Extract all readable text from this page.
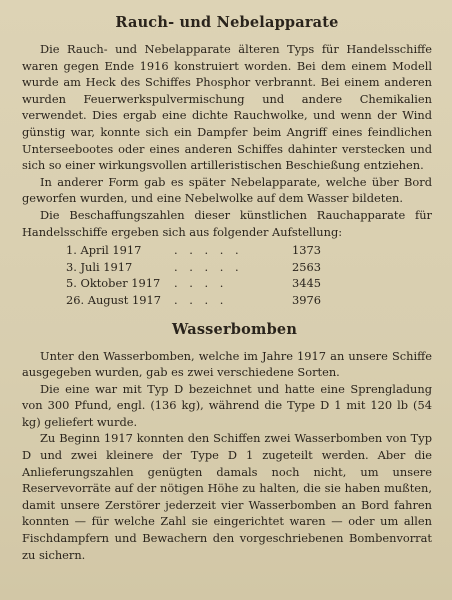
Rauch- und Nebelapparate

Die Rauch- und Nebelapparate älteren Typs für Handelsschiffe waren gegen Ende 1916 konstruiert worden. Bei dem einem Modell wurde am Heck des Schiffes Phosphor verbrannt. Bei einem anderen wurden Feuerwerkspulvermischung und andere Chemikalien verwendet. Dies ergab eine dichte Rauchwolke, und wenn der Wind günstig war, konnte sich ein Dampfer beim Angriff eines feindlichen Unterseebootes oder eines anderen Schiffes dahinter verstecken und sich so einer wirkungsvollen artilleristischen Beschießung entziehen.

In anderer Form gab es später Nebelapparate, welche über Bord geworfen wurden, und eine Nebelwolke auf dem Wasser bildeten.

Die Beschaffungszahlen dieser künstlichen Rauchapparate für Handelsschiffe ergeben sich aus folgender Aufstellung:

1. April 1917	. . . . .	1373
3. Juli 1917	. . . . .	2563
5. Oktober 1917	. . . .	3445
26. August 1917	. . . .	3976
Wasserbomben

Unter den Wasserbomben, welche im Jahre 1917 an unsere Schiffe ausgegeben wurden, gab es zwei verschiedene Sorten.

Die eine war mit Typ D bezeichnet und hatte eine Sprengladung von 300 Pfund, engl. (136 kg), während die Type D 1 mit 120 lb (54 kg) geliefert wurde.

Zu Beginn 1917 konnten den Schiffen zwei Wasserbomben von Typ D und zwei kleinere der Type D 1 zugeteilt werden. Aber die Anlieferungszahlen genügten damals noch nicht, um unsere Reservevorräte auf der nötigen Höhe zu halten, die sie haben mußten, damit unsere Zerstörer jederzeit vier Wasserbomben an Bord fahren konnten — für welche Zahl sie eingerichtet waren — oder um allen Fischdampfern und Bewachern den vorgeschriebenen Bombenvorrat zu sichern.
